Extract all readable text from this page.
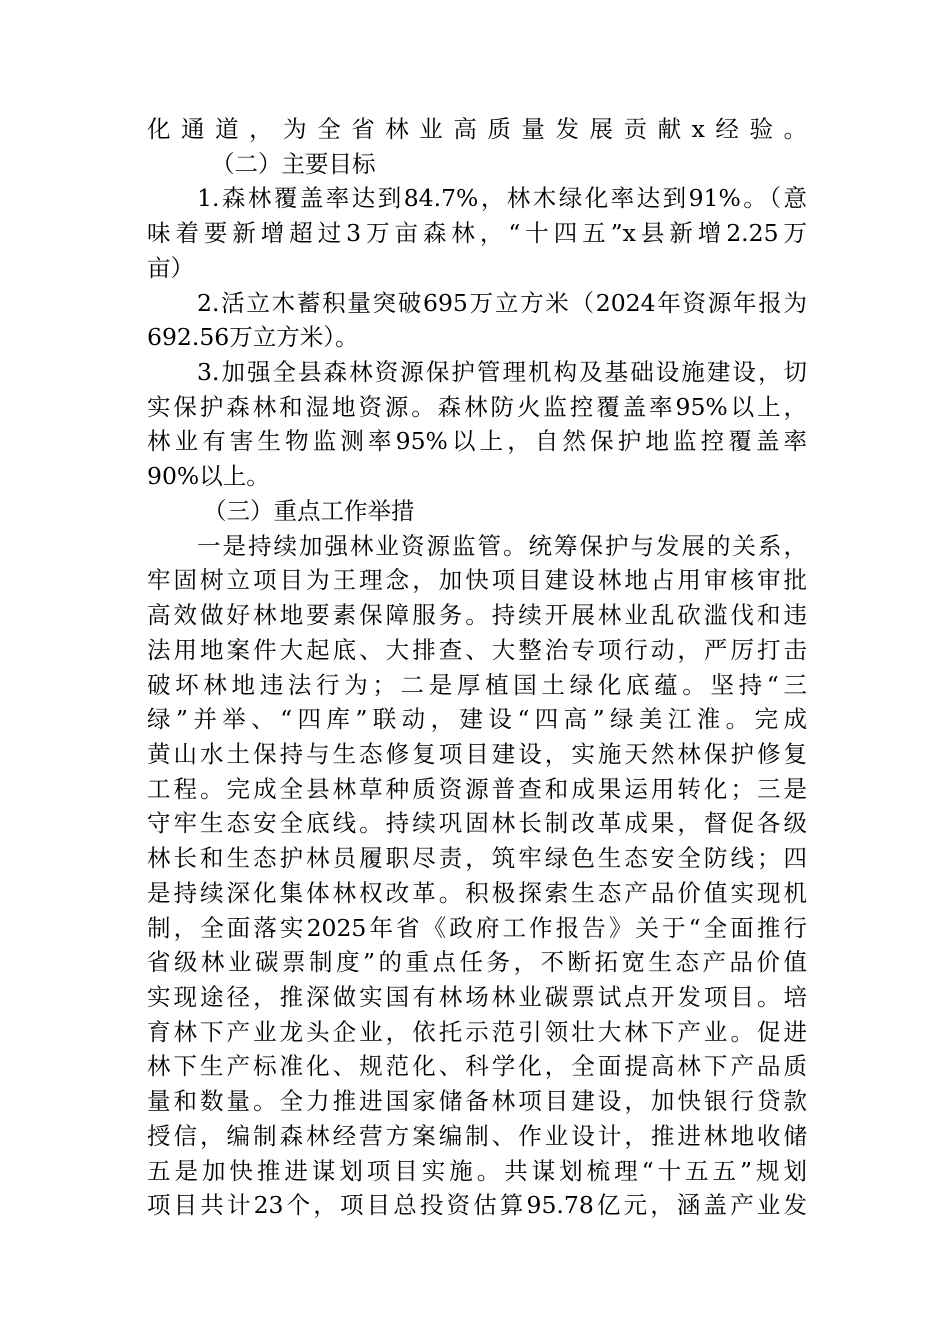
化通道，为全省林业高质量发展贡献x经验。
（二）主要目标
1.森林覆盖率达到84.7%，林木绿化率达到91%。（意
味着要新增超过3万亩森林，“十四五”x县新增2.25万
亩）
2.活立木蓄积量突破695万立方米（2024年资源年报为
692.56万立方米）。
3.加强全县森林资源保护管理机构及基础设施建设，切
实保护森林和湿地资源。森林防火监控覆盖率95%以上，
林业有害生物监测率95%以上，自然保护地监控覆盖率
90%以上。
（三）重点工作举措
一是持续加强林业资源监管。统筹保护与发展的关系，
牢固树立项目为王理念，加快项目建设林地占用审核审批
高效做好林地要素保障服务。持续开展林业乱砍滥伐和违
法用地案件大起底、大排查、大整治专项行动，严厉打击
破坏林地违法行为；二是厚植国土绿化底蕴。坚持“三
绿”并举、“四库”联动，建设“四高”绿美江淮。完成
黄山水土保持与生态修复项目建设，实施天然林保护修复
工程。完成全县林草种质资源普查和成果运用转化；三是
守牢生态安全底线。持续巩固林长制改革成果，督促各级
林长和生态护林员履职尽责，筑牢绿色生态安全防线；四
是持续深化集体林权改革。积极探索生态产品价值实现机
制，全面落实2025年省《政府工作报告》关于“全面推行
省级林业碳票制度”的重点任务，不断拓宽生态产品价值
实现途径，推深做实国有林场林业碳票试点开发项目。培
育林下产业龙头企业，依托示范引领壮大林下产业。促进
林下生产标准化、规范化、科学化，全面提高林下产品质
量和数量。全力推进国家储备林项目建设，加快银行贷款
授信，编制森林经营方案编制、作业设计，推进林地收储
五是加快推进谋划项目实施。共谋划梳理“十五五”规划
项目共计23个，项目总投资估算95.78亿元，涵盖产业发
